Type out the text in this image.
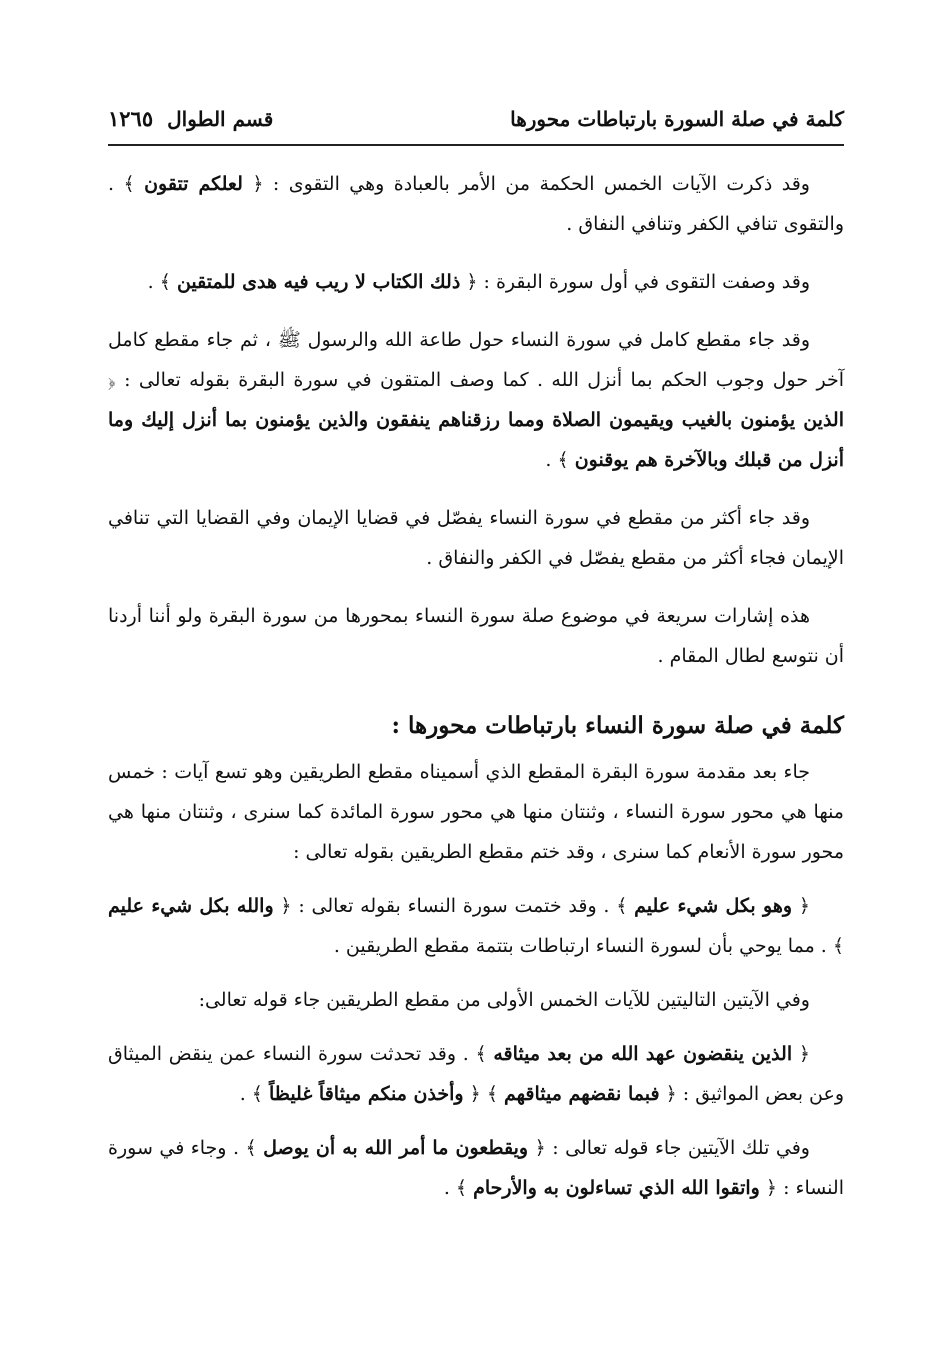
كلمة في صلة السورة بارتباطات محورها
قسم الطوال١٢٦٥

وقد ذكرت الآيات الخمس الحكمة من الأمر بالعبادة وهي التقوى : ﴿ لعلكم تتقون ﴾ . والتقوى تنافي الكفر وتنافي النفاق .

وقد وصفت التقوى في أول سورة البقرة : ﴿ ذلك الكتاب لا ريب فيه هدى للمتقين ﴾ .

وقد جاء مقطع كامل في سورة النساء حول طاعة الله والرسول ﷺ ، ثم جاء مقطع كامل آخر حول وجوب الحكم بما أنزل الله . كما وصف المتقون في سورة البقرة بقوله تعالى : ﴿ الذين يؤمنون بالغيب ويقيمون الصلاة ومما رزقناهم ينفقون والذين يؤمنون بما أنزل إليك وما أنزل من قبلك وبالآخرة هم يوقنون ﴾ .

وقد جاء أكثر من مقطع في سورة النساء يفصّل في قضايا الإيمان وفي القضايا التي تنافي الإيمان فجاء أكثر من مقطع يفصّل في الكفر والنفاق .

هذه إشارات سريعة في موضوع صلة سورة النساء بمحورها من سورة البقرة ولو أننا أردنا أن نتوسع لطال المقام .

كلمة في صلة سورة النساء بارتباطات محورها :

جاء بعد مقدمة سورة البقرة المقطع الذي أسميناه مقطع الطريقين وهو تسع آيات : خمس منها هي محور سورة النساء ، وثنتان منها هي محور سورة المائدة كما سنرى ، وثنتان منها هي محور سورة الأنعام كما سنرى ، وقد ختم مقطع الطريقين بقوله تعالى :

﴿ وهو بكل شيء عليم ﴾ . وقد ختمت سورة النساء بقوله تعالى : ﴿ والله بكل شيء عليم ﴾ . مما يوحي بأن لسورة النساء ارتباطات بتتمة مقطع الطريقين .

وفي الآيتين التاليتين للآيات الخمس الأولى من مقطع الطريقين جاء قوله تعالى:

﴿ الذين ينقضون عهد الله من بعد ميثاقه ﴾ . وقد تحدثت سورة النساء عمن ينقض الميثاق وعن بعض المواثيق : ﴿ فبما نقضهم ميثاقهم ﴾ ﴿ وأخذن منكم ميثاقاً غليظاً ﴾ .

وفي تلك الآيتين جاء قوله تعالى : ﴿ ويقطعون ما أمر الله به أن يوصل ﴾ . وجاء في سورة النساء : ﴿ واتقوا الله الذي تساءلون به والأرحام ﴾ .
